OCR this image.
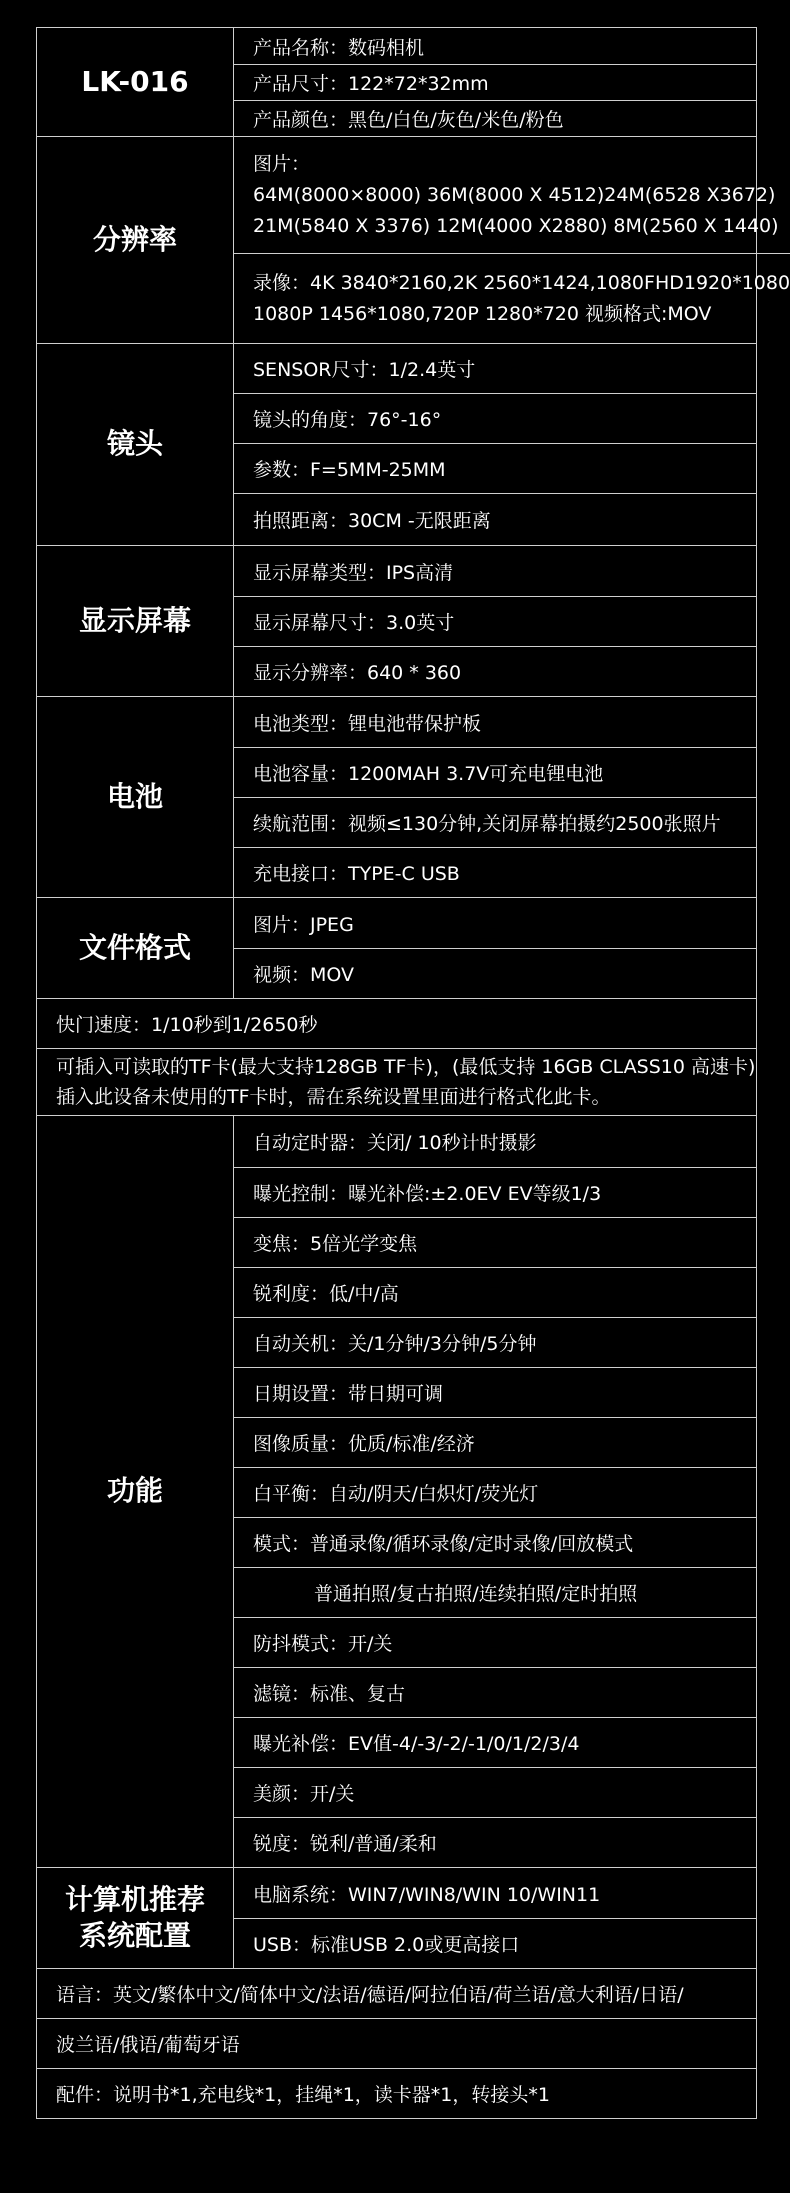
LK-016
产品名称：数码相机
产品尺寸：122*72*32mm
产品颜色：黑色/白色/灰色/米色/粉色
分辨率
图片：
64M(8000×8000) 36M(8000 X 4512)24M(6528 X3672)
21M(5840 X 3376) 12M(4000 X2880) 8M(2560 X 1440)
录像：4K 3840*2160,2K 2560*1424,1080FHD1920*1080
1080P 1456*1080,720P 1280*720 视频格式:MOV
镜头
SENSOR尺寸：1/2.4英寸
镜头的角度：76°-16°
参数：F=5MM-25MM
拍照距离：30CM -无限距离
显示屏幕
显示屏幕类型：IPS高清
显示屏幕尺寸：3.0英寸
显示分辨率：640 * 360
电池
电池类型：锂电池带保护板
电池容量：1200MAH 3.7V可充电锂电池
续航范围：视频≤130分钟,关闭屏幕拍摄约2500张照片
充电接口：TYPE-C USB
文件格式
图片：JPEG
视频：MOV
快门速度：1/10秒到1/2650秒
可插入可读取的TF卡(最大支持128GB TF卡)，(最低支持 16GB CLASS10 高速卡)
插入此设备未使用的TF卡时，需在系统设置里面进行格式化此卡。
功能
自动定时器：关闭/ 10秒计时摄影
曝光控制：曝光补偿:±2.0EV EV等级1/3
变焦：5倍光学变焦
锐利度：低/中/高
自动关机：关/1分钟/3分钟/5分钟
日期设置：带日期可调
图像质量：优质/标准/经济
白平衡：自动/阴天/白炽灯/荧光灯
模式：普通录像/循环录像/定时录像/回放模式
普通拍照/复古拍照/连续拍照/定时拍照
防抖模式：开/关
滤镜：标准、复古
曝光补偿：EV值-4/-3/-2/-1/0/1/2/3/4
美颜：开/关
锐度：锐利/普通/柔和
计算机推荐
系统配置
电脑系统：WIN7/WIN8/WIN 10/WIN11
USB：标准USB 2.0或更高接口
语言：英文/繁体中文/简体中文/法语/德语/阿拉伯语/荷兰语/意大利语/日语/
波兰语/俄语/葡萄牙语
配件：说明书*1,充电线*1，挂绳*1，读卡器*1，转接头*1
